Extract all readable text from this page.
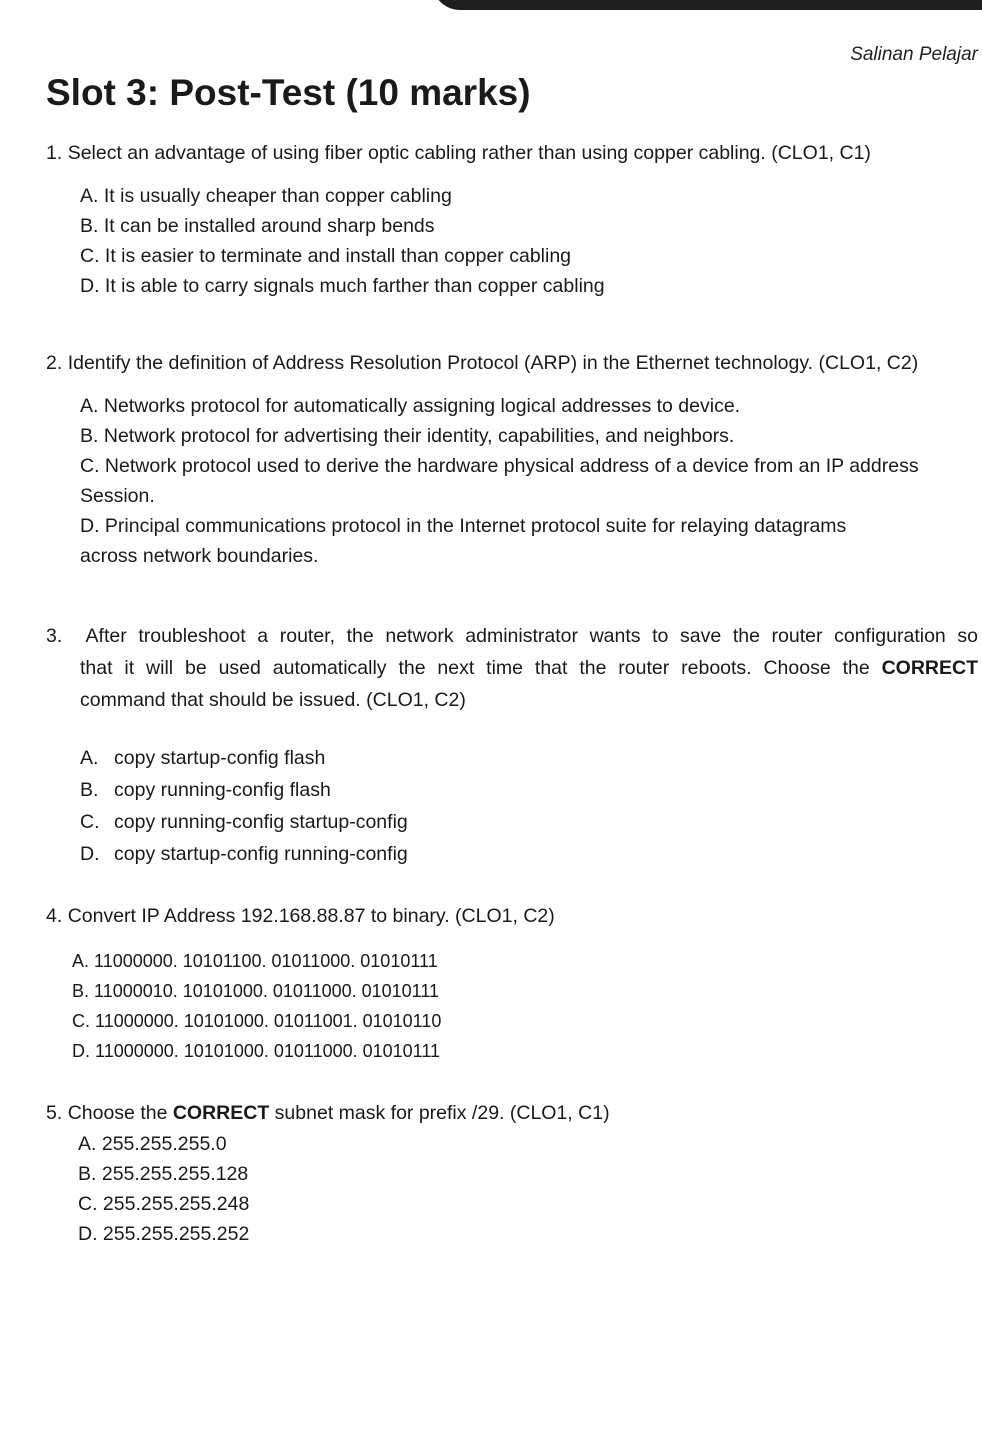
Salinan Pelajar
Slot 3: Post-Test (10 marks)

1. Select an advantage of using fiber optic cabling rather than using copper cabling. (CLO1, C1)

A. It is usually cheaper than copper cabling
B. It can be installed around sharp bends
C. It is easier to terminate and install than copper cabling
D. It is able to carry signals much farther than copper cabling

2. Identify the definition of Address Resolution Protocol (ARP) in the Ethernet technology. (CLO1, C2)

A. Networks protocol for automatically assigning logical addresses to device.
B. Network protocol for advertising their identity, capabilities, and neighbors.
C. Network protocol used to derive the hardware physical address of a device from an IP address
Session.
D. Principal communications protocol in the Internet protocol suite for relaying datagrams
across network boundaries.
3. After troubleshoot a router, the network administrator wants to save the router configuration so
that it will be used automatically the next time that the router reboots. Choose the CORRECT
command that should be issued. (CLO1, C2)
A. copy startup-config flash
B. copy running-config flash
C. copy running-config startup-config
D. copy startup-config running-config

4. Convert IP Address 192.168.88.87 to binary. (CLO1, C2)

A. 11000000. 10101100. 01011000. 01010111
B. 11000010. 10101000. 01011000. 01010111
C. 11000000. 10101000. 01011001. 01010110
D. 11000000. 10101000. 01011000. 01010111

5. Choose the CORRECT subnet mask for prefix /29. (CLO1, C1)

A. 255.255.255.0
B. 255.255.255.128
C. 255.255.255.248
D. 255.255.255.252
